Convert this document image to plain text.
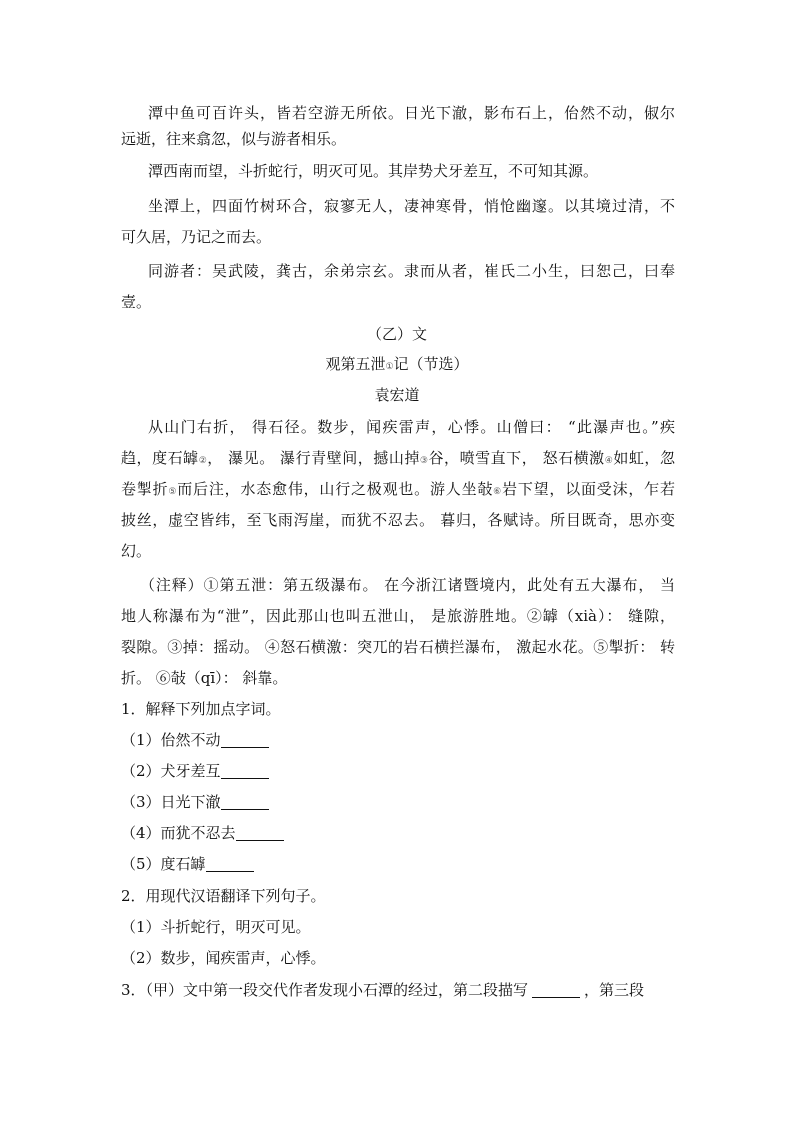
潭中鱼可百许头，皆若空游无所依。日光下澈，影布石上，佁然不动，俶尔
远逝，往来翕忽，似与游者相乐。
潭西南而望，斗折蛇行，明灭可见。其岸势犬牙差互，不可知其源。
坐潭上，四面竹树环合，寂寥无人，凄神寒骨，悄怆幽邃。以其境过清，不
可久居，乃记之而去。
同游者：吴武陵，龚古，余弟宗玄。隶而从者，崔氏二小生，曰恕己，曰奉
壹。
（乙）文
观第五泄①记（节选）
袁宏道
从山门右折， 得石径。数步，闻疾雷声，心悸。山僧曰： “此瀑声也。”疾
趋，度石罅②， 瀑见。 瀑行青壁间，撼山掉③谷，喷雪直下， 怒石横激④如虹，忽
卷掣折⑤而后注，水态愈伟，山行之极观也。游人坐敧⑥岩下望，以面受沫，乍若
披丝，虚空皆纬，至飞雨泻崖，而犹不忍去。 暮归，各赋诗。所目既奇，思亦变
幻。
（注释）①第五泄：第五级瀑布。 在今浙江诸暨境内，此处有五大瀑布， 当
地人称瀑布为“泄”，因此那山也叫五泄山， 是旅游胜地。②罅（xià）： 缝隙，
裂隙。③掉：摇动。 ④怒石横激：突兀的岩石横拦瀑布， 激起水花。⑤掣折： 转
折。 ⑥敧（qī）： 斜靠。
1．解释下列加点字词。
（1）佁然不动
（2）犬牙差互
（3）日光下澈
（4）而犹不忍去
（5）度石罅
2．用现代汉语翻译下列句子。
（1）斗折蛇行，明灭可见。
（2）数步，闻疾雷声，心悸。
3．（甲）文中第一段交代作者发现小石潭的经过，第二段描写	，第三段
